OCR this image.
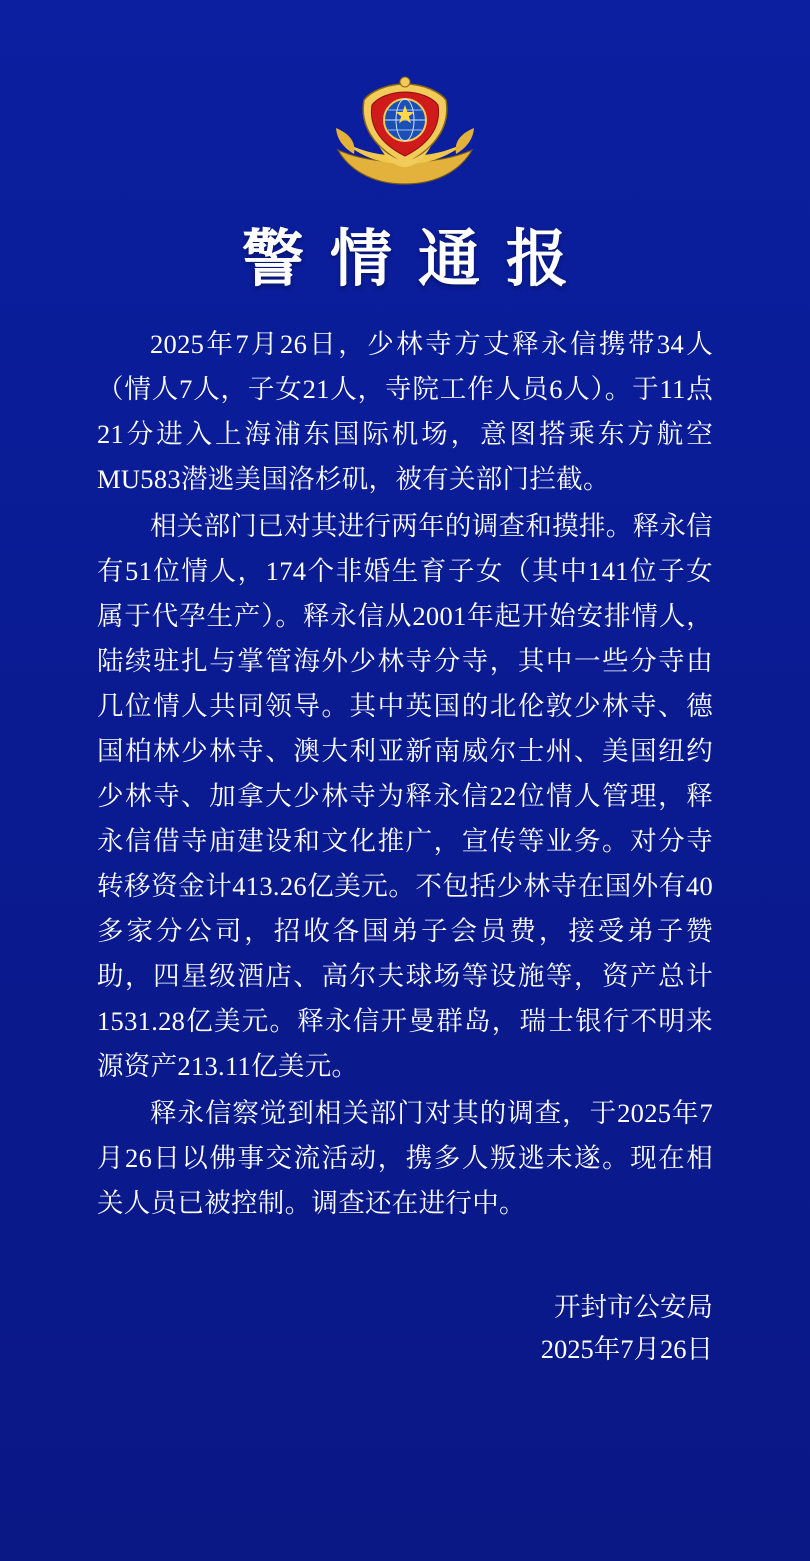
警情通报

2025年7月26日，少林寺方丈释永信携带34人（情人7人，子女21人，寺院工作人员6人）。于11点21分进入上海浦东国际机场，意图搭乘东方航空MU583潜逃美国洛杉矶，被有关部门拦截。

相关部门已对其进行两年的调查和摸排。释永信有51位情人，174个非婚生育子女（其中141位子女属于代孕生产）。释永信从2001年起开始安排情人，陆续驻扎与掌管海外少林寺分寺，其中一些分寺由几位情人共同领导。其中英国的北伦敦少林寺、德国柏林少林寺、澳大利亚新南威尔士州、美国纽约少林寺、加拿大少林寺为释永信22位情人管理，释永信借寺庙建设和文化推广，宣传等业务。对分寺转移资金计413.26亿美元。不包括少林寺在国外有40多家分公司，招收各国弟子会员费，接受弟子赞助，四星级酒店、高尔夫球场等设施等，资产总计1531.28亿美元。释永信开曼群岛，瑞士银行不明来源资产213.11亿美元。

释永信察觉到相关部门对其的调查，于2025年7月26日以佛事交流活动，携多人叛逃未遂。现在相关人员已被控制。调查还在进行中。

开封市公安局
2025年7月26日
